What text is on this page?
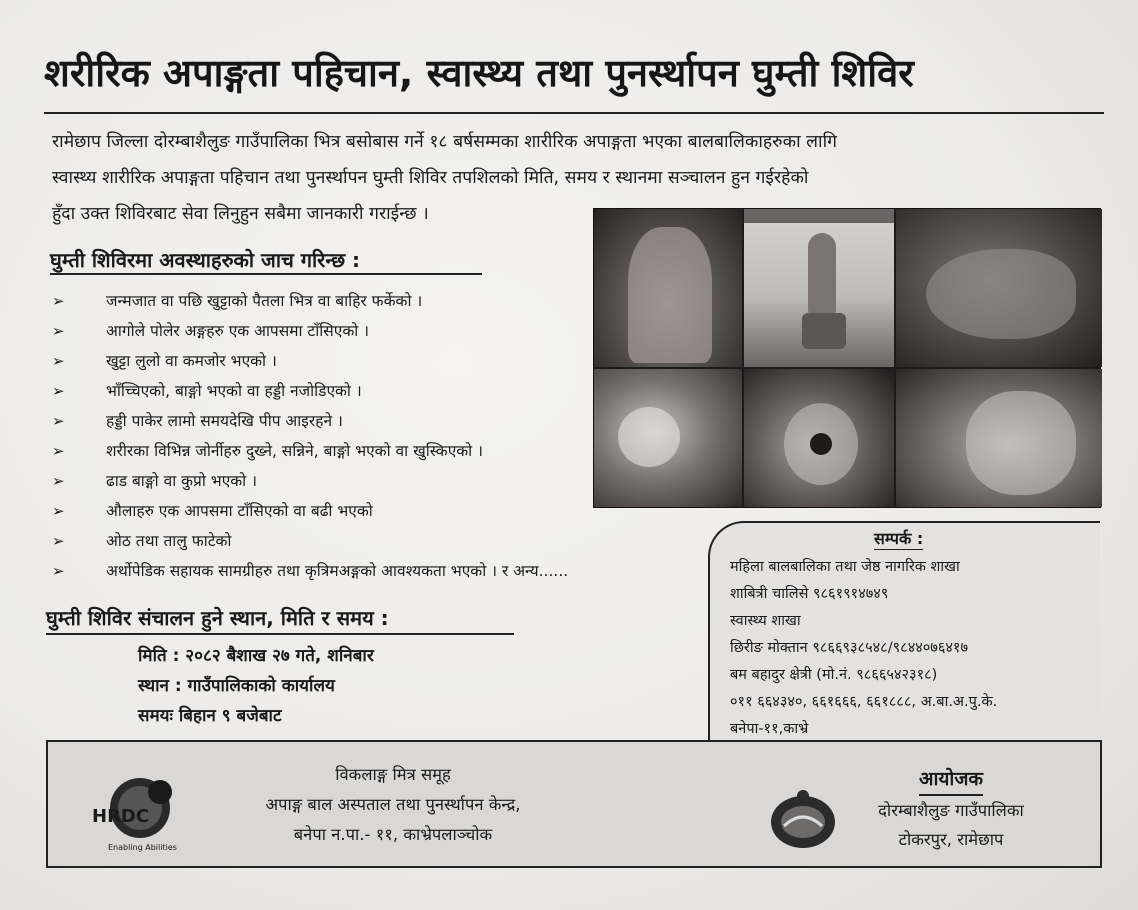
शरीरिक अपाङ्गता पहिचान, स्वास्थ्य तथा पुनर्स्थापन घुम्ती शिविर
रामेछाप जिल्ला दोरम्बाशैलुङ गाउँपालिका भित्र बसोबास गर्ने १८ बर्षसम्मका शारीरिक अपाङ्गता भएका बालबालिकाहरुका लागि
स्वास्थ्य शारीरिक अपाङ्गता पहिचान तथा पुनर्स्थापन घुम्ती शिविर तपशिलको मिति, समय र स्थानमा सञ्चालन हुन गईरहेको
हुँदा उक्त शिविरबाट सेवा लिनुहुन सबैमा जानकारी गराईन्छ ।
घुम्ती शिविरमा अवस्थाहरुको जाच गरिन्छ :
➢	जन्मजात वा पछि खुट्टाको पैतला भित्र वा बाहिर फर्केको ।
➢	आगोले पोलेर अङ्गहरु एक आपसमा टाँसिएको ।
➢	खुट्टा लुलो वा कमजोर भएको ।
➢	भाँच्चिएको, बाङ्गो भएको वा हड्डी नजोडिएको ।
➢	हड्डी पाकेर लामो समयदेखि पीप आइरहने ।
➢	शरीरका विभिन्न जोर्नीहरु दुख्ने, सन्निने, बाङ्गो भएको वा खुस्किएको ।
➢	ढाड बाङ्गो वा कुप्रो भएको ।
➢	औलाहरु एक आपसमा टाँसिएको वा बढी भएको
➢	ओठ तथा तालु फाटेको
➢	अर्थोपेडिक सहायक सामग्रीहरु तथा कृत्रिमअङ्गको आवश्यकता भएको । र अन्य......
घुम्ती शिविर संचालन हुने स्थान, मिति र समय :
मिति : २०८२ बैशाख २७ गते, शनिबार
स्थान : गाउँपालिकाको कार्यालय
समयः बिहान ९ बजेबाट
सम्पर्क :
महिला बालबालिका तथा जेष्ठ नागरिक शाखा
शाबित्री चालिसे ९८६१९१४७४९
स्वास्थ्य शाखा
छिरीङ मोक्तान ९८६६९३८५४८/९८४४०७६४१७
बम बहादुर क्षेत्री (मो.नं. ९८६६५४२३१८)
०११ ६६४३४०, ६६१६६६, ६६१८८८, अ.बा.अ.पु.के.
बनेपा-११,काभ्रे
HRDC
Enabling Abilities
विकलाङ्ग मित्र समूह
अपाङ्ग बाल अस्पताल तथा पुनर्स्थापन केन्द्र,
बनेपा न.पा.- ११, काभ्रेपलाञ्चोक
आयोजक
दोरम्बाशैलुङ गाउँपालिका
टोकरपुर, रामेछाप
